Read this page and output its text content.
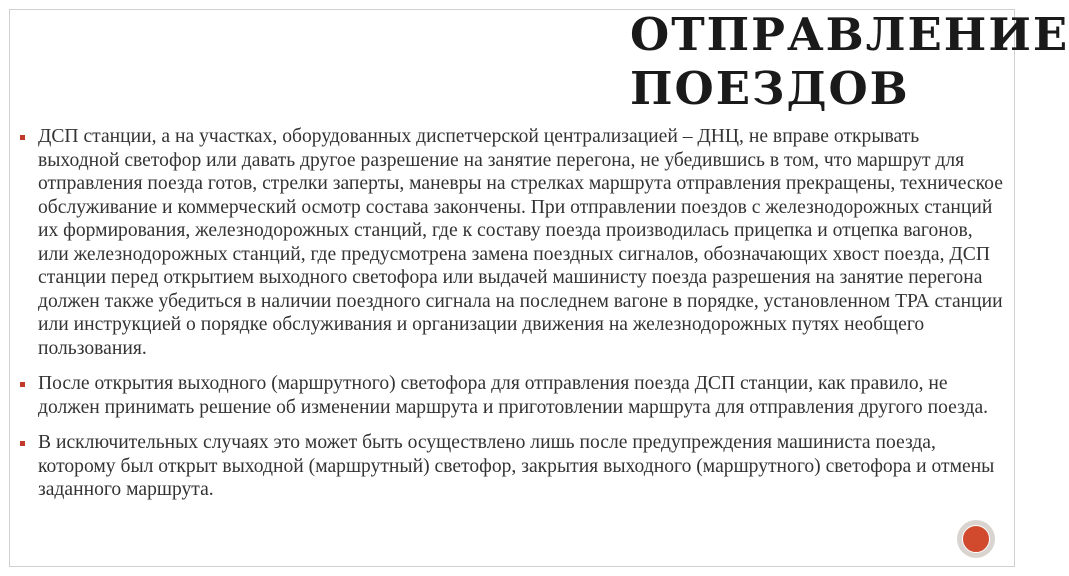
ОТПРАВЛЕНИЕ
ПОЕЗДОВ
ДСП станции, а на участках, оборудованных диспетчерской централизацией – ДНЦ, не вправе открывать выходной светофор или давать другое разрешение на занятие перегона, не убедившись в том, что маршрут для отправления поезда готов, стрелки заперты, маневры на стрелках маршрута отправления прекращены, техническое обслуживание и коммерческий осмотр состава закончены. При отправлении поездов с железнодорожных станций их формирования, железнодорожных станций, где к составу поезда производилась прицепка и отцепка вагонов, или железнодорожных станций, где предусмотрена замена поездных сигналов, обозначающих хвост поезда, ДСП станции перед открытием выходного светофора или выдачей машинисту поезда разрешения на занятие перегона должен также убедиться в наличии поездного сигнала на последнем вагоне в порядке, установленном ТРА станции или инструкцией о порядке обслуживания и организации движения на железнодорожных путях необщего пользования.
После открытия выходного (маршрутного) светофора для отправления поезда ДСП станции, как правило, не должен принимать решение об изменении маршрута и приготовлении маршрута для отправления другого поезда.
В исключительных случаях это может быть осуществлено лишь после предупреждения машиниста поезда, которому был открыт выходной (маршрутный) светофор, закрытия выходного (маршрутного) светофора и отмены заданного маршрута.
